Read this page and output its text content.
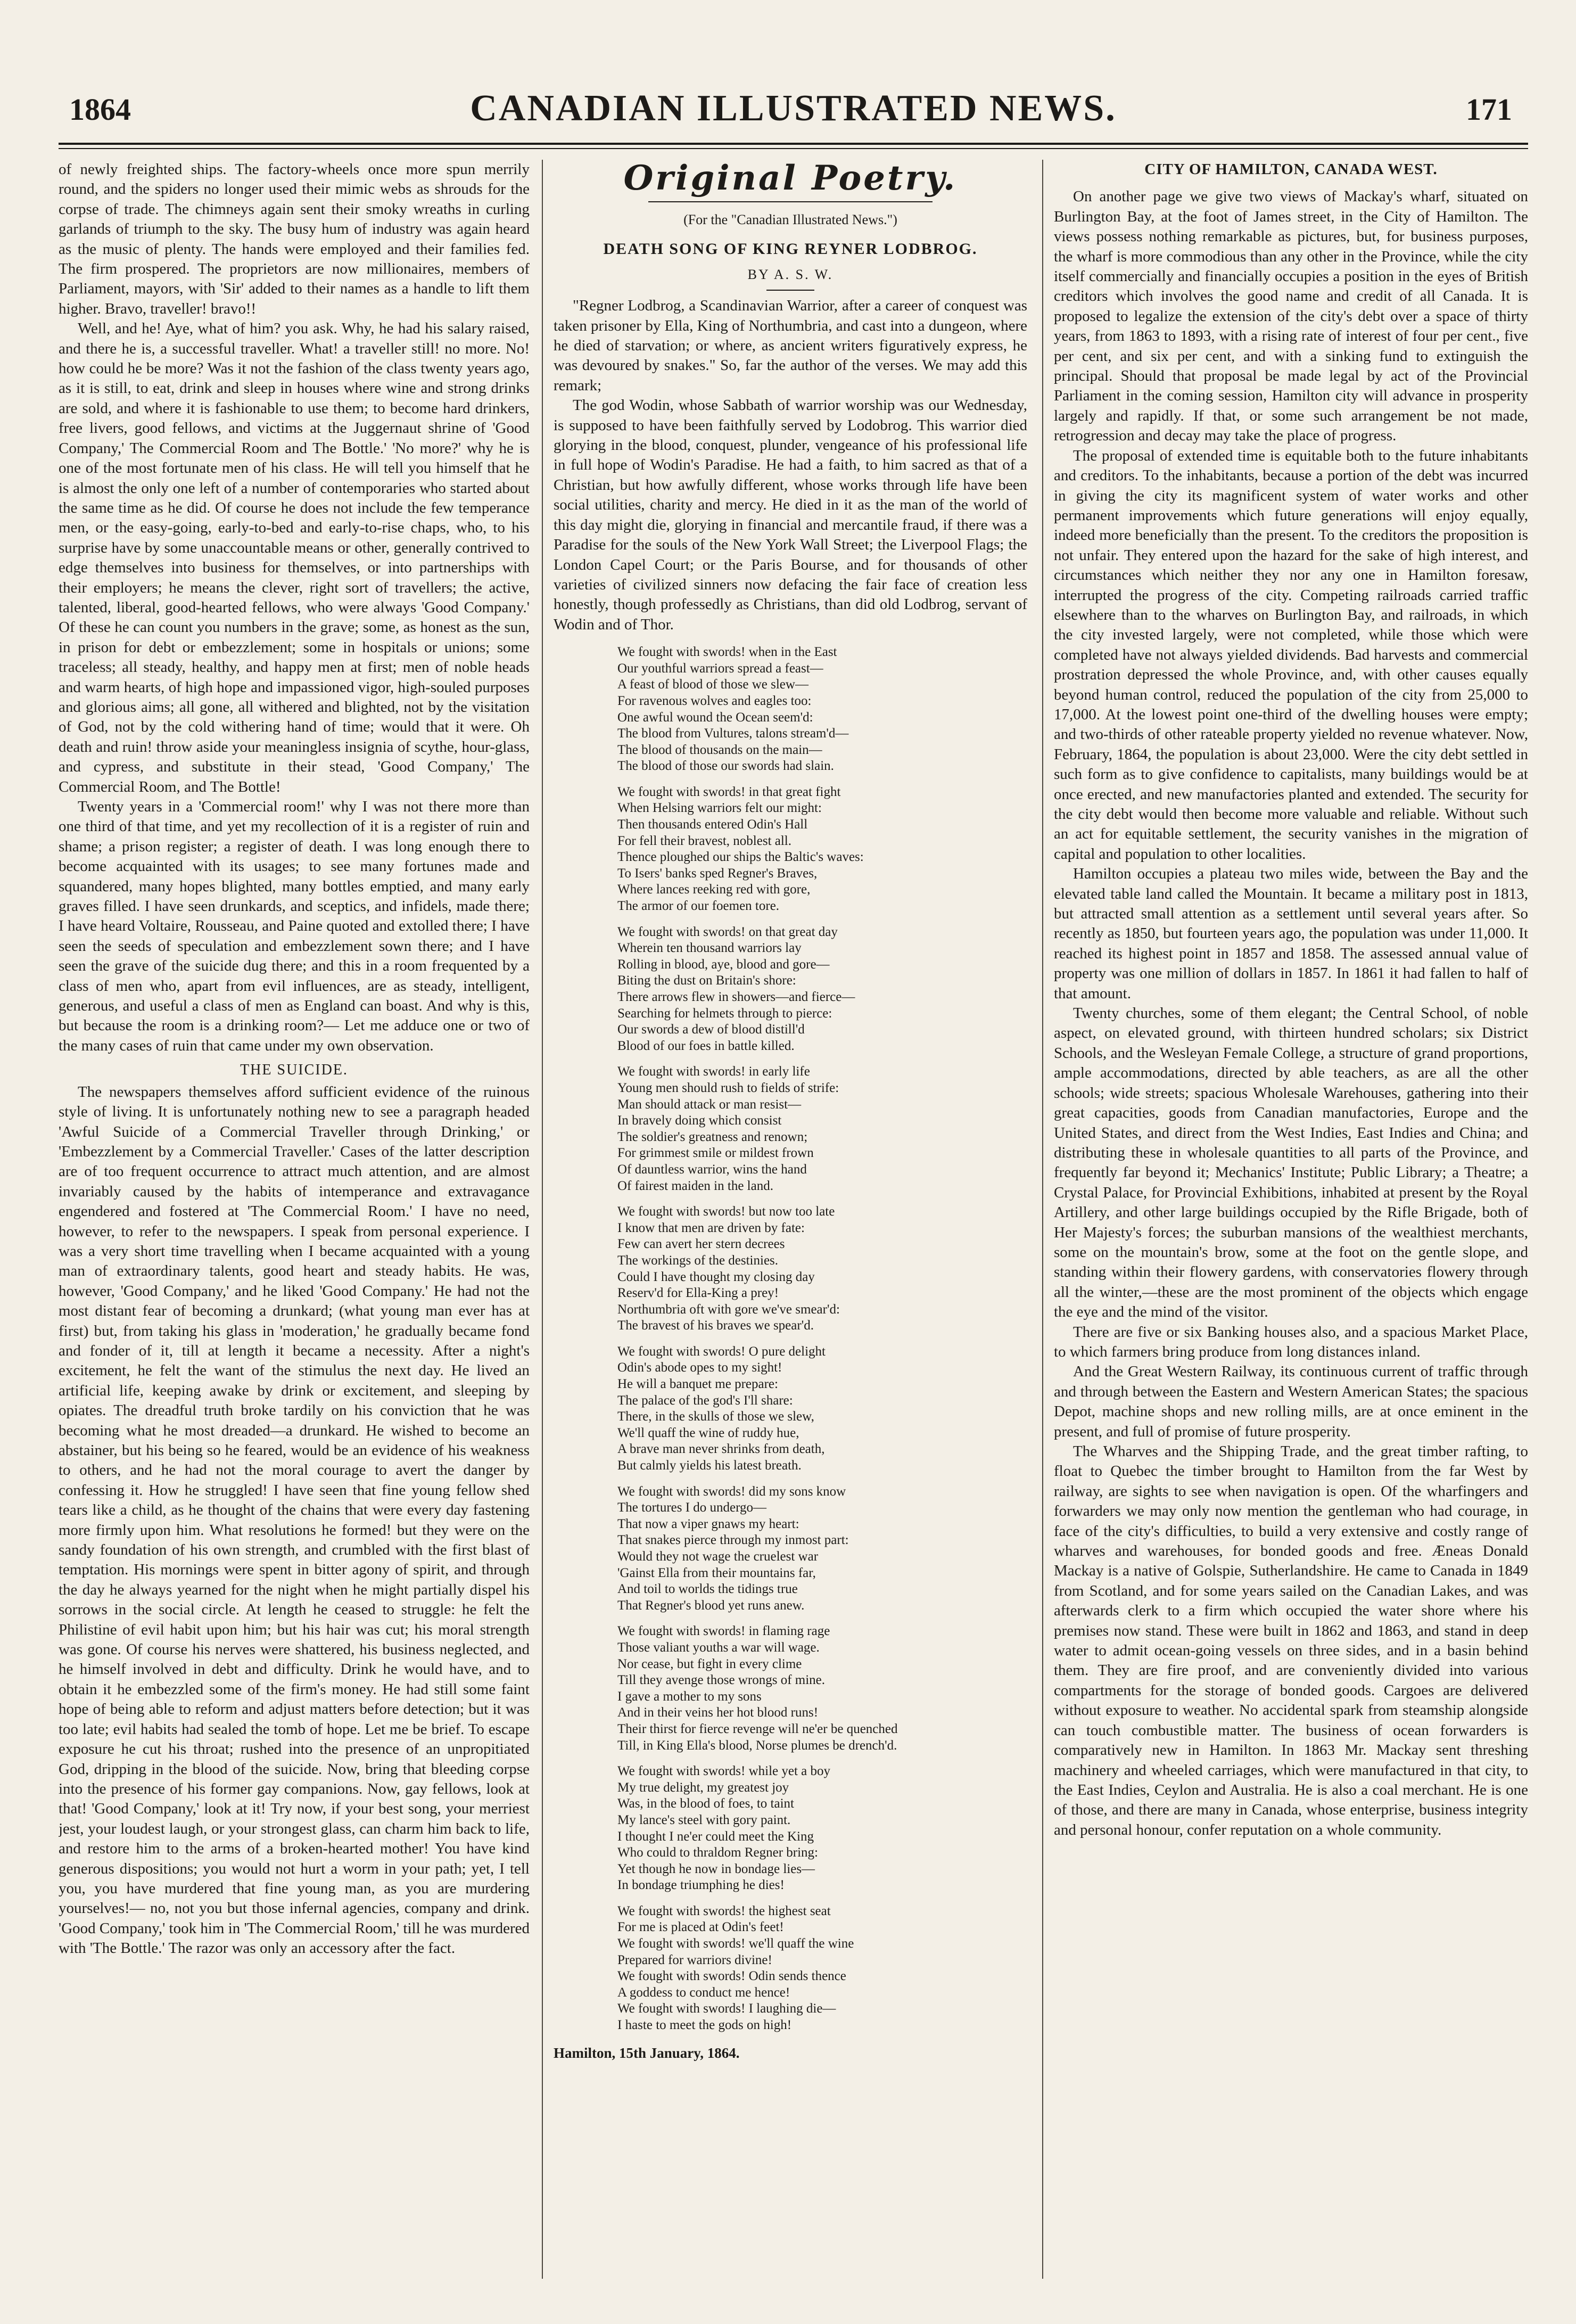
1864	CANADIAN ILLUSTRATED NEWS.	171

of newly freighted ships. The factory-wheels once more spun merrily round, and the spiders no longer used their mimic webs as shrouds for the corpse of trade. The chimneys again sent their smoky wreaths in curling garlands of triumph to the sky. The busy hum of industry was again heard as the music of plenty. The hands were employed and their families fed. The firm prospered. The proprietors are now millionaires, members of Parliament, mayors, with 'Sir' added to their names as a handle to lift them higher. Bravo, traveller! bravo!!

Well, and he! Aye, what of him? you ask. Why, he had his salary raised, and there he is, a successful traveller. What! a traveller still! no more. No! how could he be more? Was it not the fashion of the class twenty years ago, as it is still, to eat, drink and sleep in houses where wine and strong drinks are sold, and where it is fashionable to use them; to become hard drinkers, free livers, good fellows, and victims at the Juggernaut shrine of 'Good Company,' The Commercial Room and The Bottle.' 'No more?' why he is one of the most fortunate men of his class. He will tell you himself that he is almost the only one left of a number of contemporaries who started about the same time as he did. Of course he does not include the few temperance men, or the easy-going, early-to-bed and early-to-rise chaps, who, to his surprise have by some unaccountable means or other, generally contrived to edge themselves into business for themselves, or into partnerships with their employers; he means the clever, right sort of travellers; the active, talented, liberal, good-hearted fellows, who were always 'Good Company.' Of these he can count you numbers in the grave; some, as honest as the sun, in prison for debt or embezzlement; some in hospitals or unions; some traceless; all steady, healthy, and happy men at first; men of noble heads and warm hearts, of high hope and impassioned vigor, high-souled purposes and glorious aims; all gone, all withered and blighted, not by the visitation of God, not by the cold withering hand of time; would that it were. Oh death and ruin! throw aside your meaningless insignia of scythe, hour-glass, and cypress, and substitute in their stead, 'Good Company,' The Commercial Room, and The Bottle!

Twenty years in a 'Commercial room!' why I was not there more than one third of that time, and yet my recollection of it is a register of ruin and shame; a prison register; a register of death. I was long enough there to become acquainted with its usages; to see many fortunes made and squandered, many hopes blighted, many bottles emptied, and many early graves filled. I have seen drunkards, and sceptics, and infidels, made there; I have heard Voltaire, Rousseau, and Paine quoted and extolled there; I have seen the seeds of speculation and embezzlement sown there; and I have seen the grave of the suicide dug there; and this in a room frequented by a class of men who, apart from evil influences, are as steady, intelligent, generous, and useful a class of men as England can boast. And why is this, but because the room is a drinking room?— Let me adduce one or two of the many cases of ruin that came under my own observation.

THE SUICIDE.

The newspapers themselves afford sufficient evidence of the ruinous style of living. It is unfortunately nothing new to see a paragraph headed 'Awful Suicide of a Commercial Traveller through Drinking,' or 'Embezzlement by a Commercial Traveller.' Cases of the latter description are of too frequent occurrence to attract much attention, and are almost invariably caused by the habits of intemperance and extravagance engendered and fostered at 'The Commercial Room.' I have no need, however, to refer to the newspapers. I speak from personal experience. I was a very short time travelling when I became acquainted with a young man of extraordinary talents, good heart and steady habits. He was, however, 'Good Company,' and he liked 'Good Company.' He had not the most distant fear of becoming a drunkard; (what young man ever has at first) but, from taking his glass in 'moderation,' he gradually became fond and fonder of it, till at length it became a necessity. After a night's excitement, he felt the want of the stimulus the next day. He lived an artificial life, keeping awake by drink or excitement, and sleeping by opiates. The dreadful truth broke tardily on his conviction that he was becoming what he most dreaded—a drunkard. He wished to become an abstainer, but his being so he feared, would be an evidence of his weakness to others, and he had not the moral courage to avert the danger by confessing it. How he struggled! I have seen that fine young fellow shed tears like a child, as he thought of the chains that were every day fastening more firmly upon him. What resolutions he formed! but they were on the sandy foundation of his own strength, and crumbled with the first blast of temptation. His mornings were spent in bitter agony of spirit, and through the day he always yearned for the night when he might partially dispel his sorrows in the social circle. At length he ceased to struggle: he felt the Philistine of evil habit upon him; but his hair was cut; his moral strength was gone. Of course his nerves were shattered, his business neglected, and he himself involved in debt and difficulty. Drink he would have, and to obtain it he embezzled some of the firm's money. He had still some faint hope of being able to reform and adjust matters before detection; but it was too late; evil habits had sealed the tomb of hope. Let me be brief. To escape exposure he cut his throat; rushed into the presence of an unpropitiated God, dripping in the blood of the suicide. Now, bring that bleeding corpse into the presence of his former gay companions. Now, gay fellows, look at that! 'Good Company,' look at it! Try now, if your best song, your merriest jest, your loudest laugh, or your strongest glass, can charm him back to life, and restore him to the arms of a broken-hearted mother! You have kind generous dispositions; you would not hurt a worm in your path; yet, I tell you, you have murdered that fine young man, as you are murdering yourselves!— no, not you but those infernal agencies, company and drink. 'Good Company,' took him in 'The Commercial Room,' till he was murdered with 'The Bottle.' The razor was only an accessory after the fact.

Original Poetry.
(For the "Canadian Illustrated News.")
DEATH SONG OF KING REYNER LODBROG.
BY A. S. W.

"Regner Lodbrog, a Scandinavian Warrior, after a career of conquest was taken prisoner by Ella, King of Northumbria, and cast into a dungeon, where he died of starvation; or where, as ancient writers figuratively express, he was devoured by snakes." So, far the author of the verses. We may add this remark;

The god Wodin, whose Sabbath of warrior worship was our Wednesday, is supposed to have been faithfully served by Lodobrog. This warrior died glorying in the blood, conquest, plunder, vengeance of his professional life in full hope of Wodin's Paradise. He had a faith, to him sacred as that of a Christian, but how awfully different, whose works through life have been social utilities, charity and mercy. He died in it as the man of the world of this day might die, glorying in financial and mercantile fraud, if there was a Paradise for the souls of the New York Wall Street; the Liverpool Flags; the London Capel Court; or the Paris Bourse, and for thousands of other varieties of civilized sinners now defacing the fair face of creation less honestly, though professedly as Christians, than did old Lodbrog, servant of Wodin and of Thor.

We fought with swords! when in the East
Our youthful warriors spread a feast—
A feast of blood of those we slew—
For ravenous wolves and eagles too:
One awful wound the Ocean seem'd:
The blood from Vultures, talons stream'd—
The blood of thousands on the main—
The blood of those our swords had slain.
We fought with swords! in that great fight
When Helsing warriors felt our might:
Then thousands entered Odin's Hall
For fell their bravest, noblest all.
Thence ploughed our ships the Baltic's waves:
To Isers' banks sped Regner's Braves,
Where lances reeking red with gore,
The armor of our foemen tore.
We fought with swords! on that great day
Wherein ten thousand warriors lay
Rolling in blood, aye, blood and gore—
Biting the dust on Britain's shore:
There arrows flew in showers—and fierce—
Searching for helmets through to pierce:
Our swords a dew of blood distill'd
Blood of our foes in battle killed.
We fought with swords! in early life
Young men should rush to fields of strife:
Man should attack or man resist—
In bravely doing which consist
The soldier's greatness and renown;
For grimmest smile or mildest frown
Of dauntless warrior, wins the hand
Of fairest maiden in the land.
We fought with swords! but now too late
I know that men are driven by fate:
Few can avert her stern decrees
The workings of the destinies.
Could I have thought my closing day
Reserv'd for Ella-King a prey!
Northumbria oft with gore we've smear'd:
The bravest of his braves we spear'd.
We fought with swords! O pure delight
Odin's abode opes to my sight!
He will a banquet me prepare:
The palace of the god's I'll share:
There, in the skulls of those we slew,
We'll quaff the wine of ruddy hue,
A brave man never shrinks from death,
But calmly yields his latest breath.
We fought with swords! did my sons know
The tortures I do undergo—
That now a viper gnaws my heart:
That snakes pierce through my inmost part:
Would they not wage the cruelest war
'Gainst Ella from their mountains far,
And toil to worlds the tidings true
That Regner's blood yet runs anew.
We fought with swords! in flaming rage
Those valiant youths a war will wage.
Nor cease, but fight in every clime
Till they avenge those wrongs of mine.
I gave a mother to my sons
And in their veins her hot blood runs!
Their thirst for fierce revenge will ne'er be quenched
Till, in King Ella's blood, Norse plumes be drench'd.
We fought with swords! while yet a boy
My true delight, my greatest joy
Was, in the blood of foes, to taint
My lance's steel with gory paint.
I thought I ne'er could meet the King
Who could to thraldom Regner bring:
Yet though he now in bondage lies—
In bondage triumphing he dies!
We fought with swords! the highest seat
For me is placed at Odin's feet!
We fought with swords! we'll quaff the wine
Prepared for warriors divine!
We fought with swords! Odin sends thence
A goddess to conduct me hence!
We fought with swords! I laughing die—
I haste to meet the gods on high!
Hamilton, 15th January, 1864.
CITY OF HAMILTON, CANADA WEST.

On another page we give two views of Mackay's wharf, situated on Burlington Bay, at the foot of James street, in the City of Hamilton. The views possess nothing remarkable as pictures, but, for business purposes, the wharf is more commodious than any other in the Province, while the city itself commercially and financially occupies a position in the eyes of British creditors which involves the good name and credit of all Canada. It is proposed to legalize the extension of the city's debt over a space of thirty years, from 1863 to 1893, with a rising rate of interest of four per cent., five per cent, and six per cent, and with a sinking fund to extinguish the principal. Should that proposal be made legal by act of the Provincial Parliament in the coming session, Hamilton city will advance in prosperity largely and rapidly. If that, or some such arrangement be not made, retrogression and decay may take the place of progress.

The proposal of extended time is equitable both to the future inhabitants and creditors. To the inhabitants, because a portion of the debt was incurred in giving the city its magnificent system of water works and other permanent improvements which future generations will enjoy equally, indeed more beneficially than the present. To the creditors the proposition is not unfair. They entered upon the hazard for the sake of high interest, and circumstances which neither they nor any one in Hamilton foresaw, interrupted the progress of the city. Competing railroads carried traffic elsewhere than to the wharves on Burlington Bay, and railroads, in which the city invested largely, were not completed, while those which were completed have not always yielded dividends. Bad harvests and commercial prostration depressed the whole Province, and, with other causes equally beyond human control, reduced the population of the city from 25,000 to 17,000. At the lowest point one-third of the dwelling houses were empty; and two-thirds of other rateable property yielded no revenue whatever. Now, February, 1864, the population is about 23,000. Were the city debt settled in such form as to give confidence to capitalists, many buildings would be at once erected, and new manufactories planted and extended. The security for the city debt would then become more valuable and reliable. Without such an act for equitable settlement, the security vanishes in the migration of capital and population to other localities.

Hamilton occupies a plateau two miles wide, between the Bay and the elevated table land called the Mountain. It became a military post in 1813, but attracted small attention as a settlement until several years after. So recently as 1850, but fourteen years ago, the population was under 11,000. It reached its highest point in 1857 and 1858. The assessed annual value of property was one million of dollars in 1857. In 1861 it had fallen to half of that amount.

Twenty churches, some of them elegant; the Central School, of noble aspect, on elevated ground, with thirteen hundred scholars; six District Schools, and the Wesleyan Female College, a structure of grand proportions, ample accommodations, directed by able teachers, as are all the other schools; wide streets; spacious Wholesale Warehouses, gathering into their great capacities, goods from Canadian manufactories, Europe and the United States, and direct from the West Indies, East Indies and China; and distributing these in wholesale quantities to all parts of the Province, and frequently far beyond it; Mechanics' Institute; Public Library; a Theatre; a Crystal Palace, for Provincial Exhibitions, inhabited at present by the Royal Artillery, and other large buildings occupied by the Rifle Brigade, both of Her Majesty's forces; the suburban mansions of the wealthiest merchants, some on the mountain's brow, some at the foot on the gentle slope, and standing within their flowery gardens, with conservatories flowery through all the winter,—these are the most prominent of the objects which engage the eye and the mind of the visitor.

There are five or six Banking houses also, and a spacious Market Place, to which farmers bring produce from long distances inland.

And the Great Western Railway, its continuous current of traffic through and through between the Eastern and Western American States; the spacious Depot, machine shops and new rolling mills, are at once eminent in the present, and full of promise of future prosperity.

The Wharves and the Shipping Trade, and the great timber rafting, to float to Quebec the timber brought to Hamilton from the far West by railway, are sights to see when navigation is open. Of the wharfingers and forwarders we may only now mention the gentleman who had courage, in face of the city's difficulties, to build a very extensive and costly range of wharves and warehouses, for bonded goods and free. Æneas Donald Mackay is a native of Golspie, Sutherlandshire. He came to Canada in 1849 from Scotland, and for some years sailed on the Canadian Lakes, and was afterwards clerk to a firm which occupied the water shore where his premises now stand. These were built in 1862 and 1863, and stand in deep water to admit ocean-going vessels on three sides, and in a basin behind them. They are fire proof, and are conveniently divided into various compartments for the storage of bonded goods. Cargoes are delivered without exposure to weather. No accidental spark from steamship alongside can touch combustible matter. The business of ocean forwarders is comparatively new in Hamilton. In 1863 Mr. Mackay sent threshing machinery and wheeled carriages, which were manufactured in that city, to the East Indies, Ceylon and Australia. He is also a coal merchant. He is one of those, and there are many in Canada, whose enterprise, business integrity and personal honour, confer reputation on a whole community.
